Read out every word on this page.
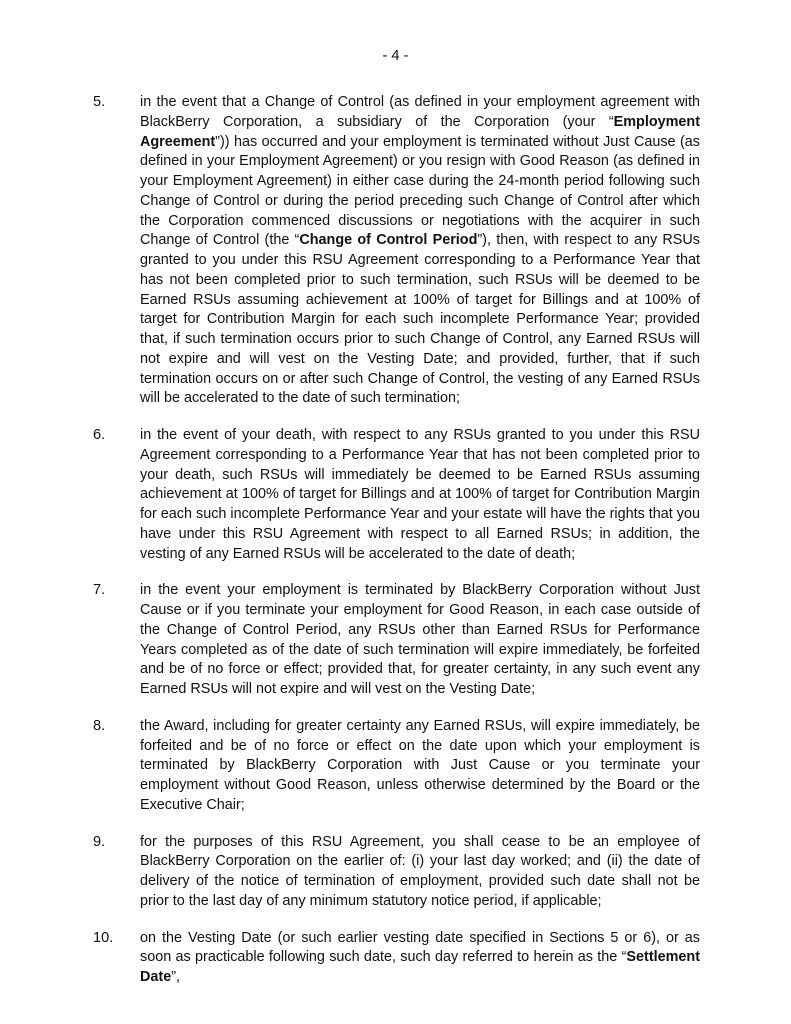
- 4 -
5. in the event that a Change of Control (as defined in your employment agreement with BlackBerry Corporation, a subsidiary of the Corporation (your “Employment Agreement”)) has occurred and your employment is terminated without Just Cause (as defined in your Employment Agreement) or you resign with Good Reason (as defined in your Employment Agreement) in either case during the 24-month period following such Change of Control or during the period preceding such Change of Control after which the Corporation commenced discussions or negotiations with the acquirer in such Change of Control (the “Change of Control Period”), then, with respect to any RSUs granted to you under this RSU Agreement corresponding to a Performance Year that has not been completed prior to such termination, such RSUs will be deemed to be Earned RSUs assuming achievement at 100% of target for Billings and at 100% of target for Contribution Margin for each such incomplete Performance Year; provided that, if such termination occurs prior to such Change of Control, any Earned RSUs will not expire and will vest on the Vesting Date; and provided, further, that if such termination occurs on or after such Change of Control, the vesting of any Earned RSUs will be accelerated to the date of such termination;
6. in the event of your death, with respect to any RSUs granted to you under this RSU Agreement corresponding to a Performance Year that has not been completed prior to your death, such RSUs will immediately be deemed to be Earned RSUs assuming achievement at 100% of target for Billings and at 100% of target for Contribution Margin for each such incomplete Performance Year and your estate will have the rights that you have under this RSU Agreement with respect to all Earned RSUs; in addition, the vesting of any Earned RSUs will be accelerated to the date of death;
7. in the event your employment is terminated by BlackBerry Corporation without Just Cause or if you terminate your employment for Good Reason, in each case outside of the Change of Control Period, any RSUs other than Earned RSUs for Performance Years completed as of the date of such termination will expire immediately, be forfeited and be of no force or effect; provided that, for greater certainty, in any such event any Earned RSUs will not expire and will vest on the Vesting Date;
8. the Award, including for greater certainty any Earned RSUs, will expire immediately, be forfeited and be of no force or effect on the date upon which your employment is terminated by BlackBerry Corporation with Just Cause or you terminate your employment without Good Reason, unless otherwise determined by the Board or the Executive Chair;
9. for the purposes of this RSU Agreement, you shall cease to be an employee of BlackBerry Corporation on the earlier of: (i) your last day worked; and (ii) the date of delivery of the notice of termination of employment, provided such date shall not be prior to the last day of any minimum statutory notice period, if applicable;
10. on the Vesting Date (or such earlier vesting date specified in Sections 5 or 6), or as soon as practicable following such date, such day referred to herein as the “Settlement Date”,
